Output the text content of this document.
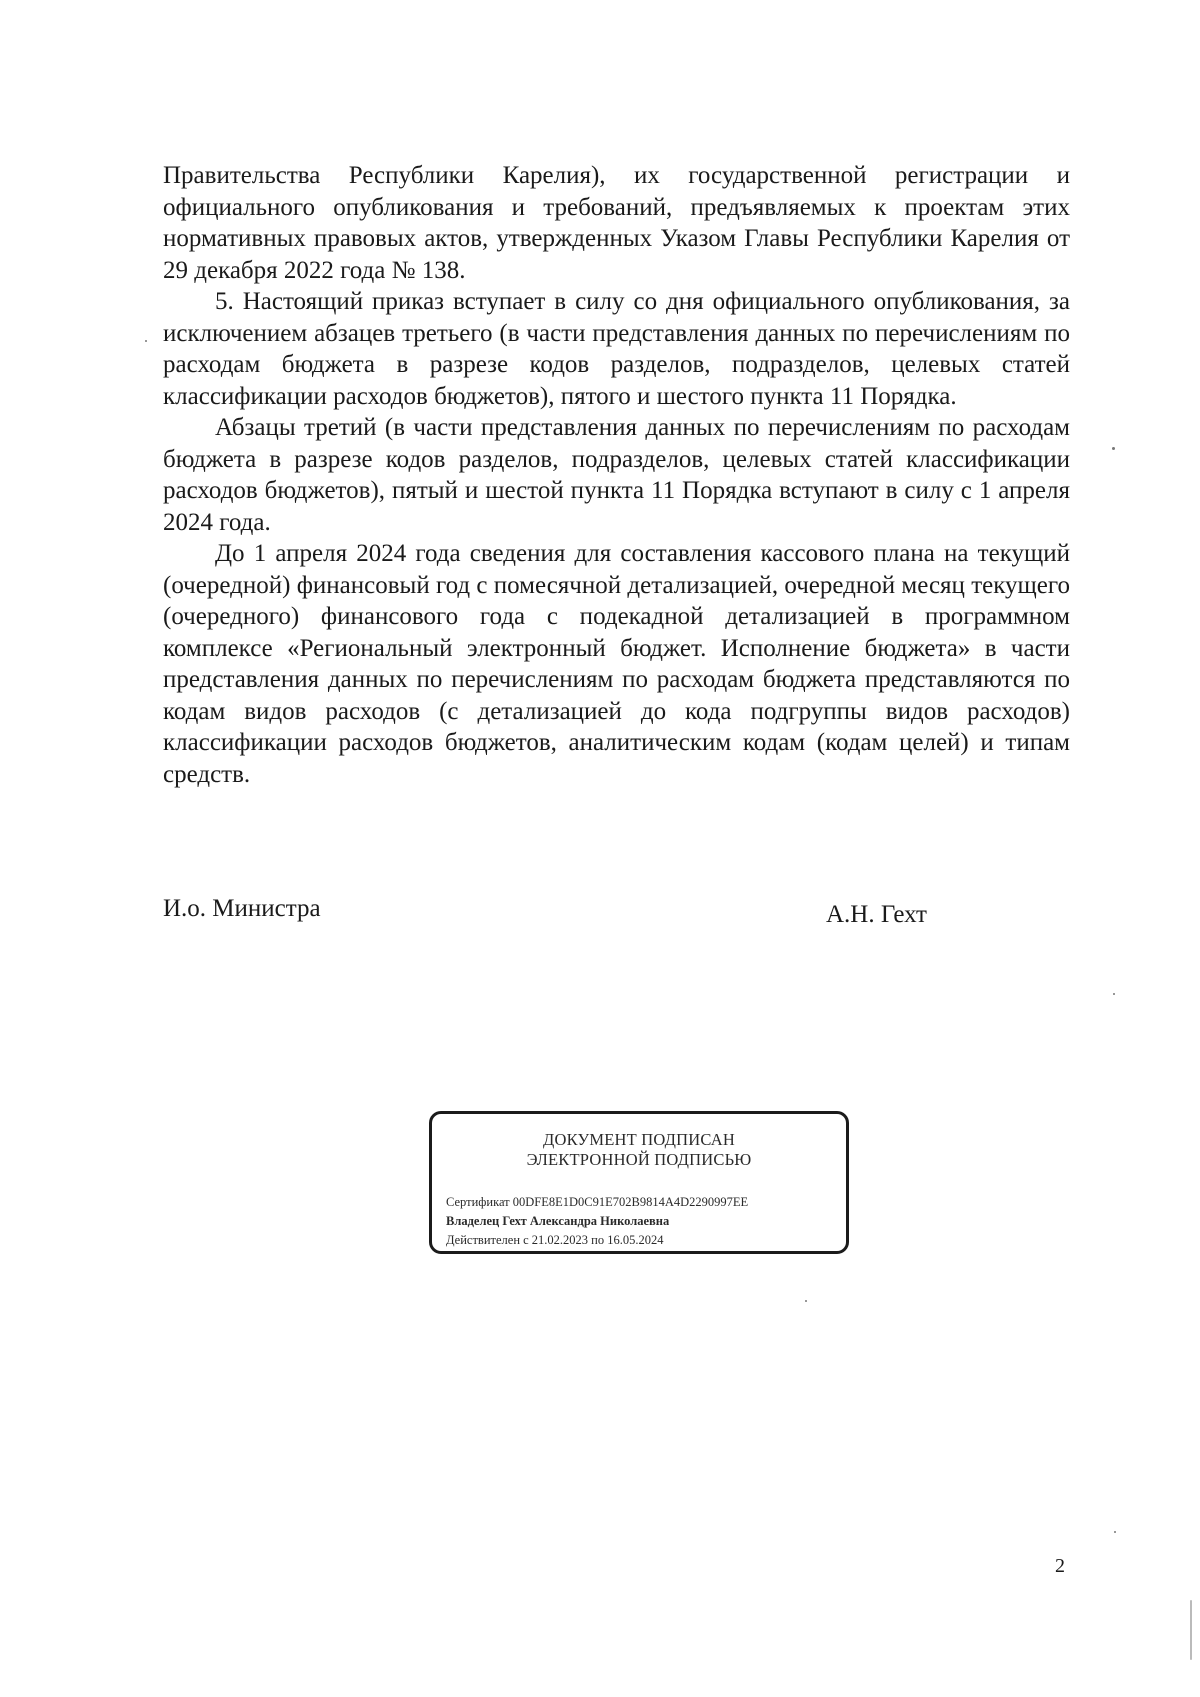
Правительства Республики Карелия), их государственной регистрации и официального опубликования и требований, предъявляемых к проектам этих нормативных правовых актов, утвержденных Указом Главы Республики Карелия от 29 декабря 2022 года № 138.

5. Настоящий приказ вступает в силу со дня официального опубликования, за исключением абзацев третьего (в части представления данных по перечислениям по расходам бюджета в разрезе кодов разделов, подразделов, целевых статей классификации расходов бюджетов), пятого и шестого пункта 11 Порядка.

Абзацы третий (в части представления данных по перечислениям по расходам бюджета в разрезе кодов разделов, подразделов, целевых статей классификации расходов бюджетов), пятый и шестой пункта 11 Порядка вступают в силу с 1 апреля 2024 года.

До 1 апреля 2024 года сведения для составления кассового плана на текущий (очередной) финансовый год с помесячной детализацией, очередной месяц текущего (очередного) финансового года с подекадной детализацией в программном комплексе «Региональный электронный бюджет. Исполнение бюджета» в части представления данных по перечислениям по расходам бюджета представляются по кодам видов расходов (с детализацией до кода подгруппы видов расходов) классификации расходов бюджетов, аналитическим кодам (кодам целей) и типам средств.

И.о. Министра	А.Н. Гехт
ДОКУМЕНТ ПОДПИСАН
ЭЛЕКТРОННОЙ ПОДПИСЬЮ
Сертификат 00DFE8E1D0C91E702B9814A4D2290997EE
Владелец Гехт Александра Николаевна
Действителен с 21.02.2023 по 16.05.2024
2
